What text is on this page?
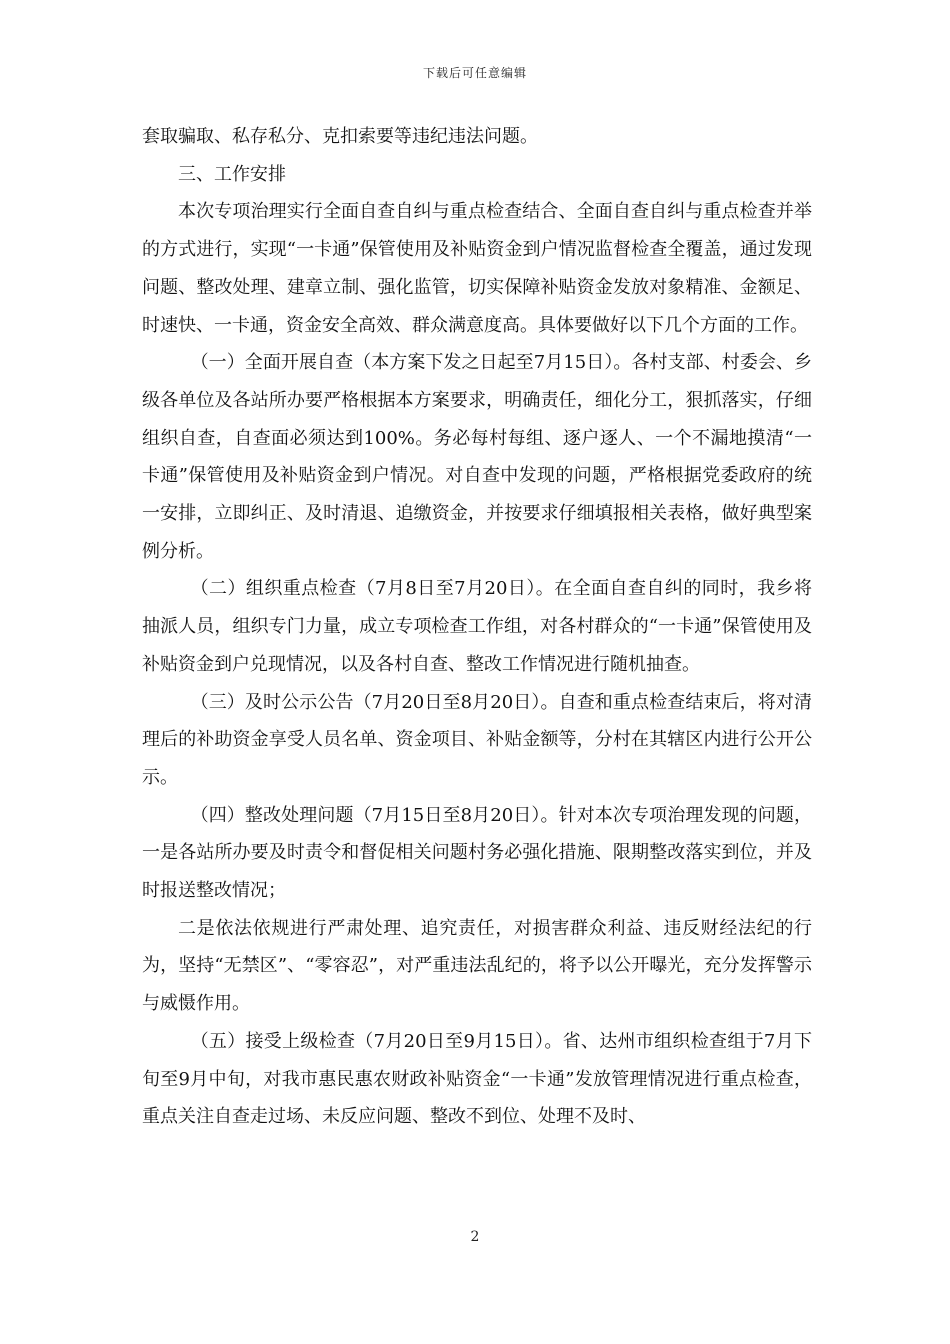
下载后可任意编辑

套取骗取、私存私分、克扣索要等违纪违法问题。

三、工作安排

本次专项治理实行全面自查自纠与重点检查结合、全面自查自纠与重点检查并举的方式进行，实现“一卡通”保管使用及补贴资金到户情况监督检查全覆盖，通过发现问题、整改处理、建章立制、强化监管，切实保障补贴资金发放对象精准、金额足、时速快、一卡通，资金安全高效、群众满意度高。具体要做好以下几个方面的工作。

（一）全面开展自查（本方案下发之日起至7月15日）。各村支部、村委会、乡级各单位及各站所办要严格根据本方案要求，明确责任，细化分工，狠抓落实，仔细组织自查，自查面必须达到100%。务必每村每组、逐户逐人、一个不漏地摸清“一卡通”保管使用及补贴资金到户情况。对自查中发现的问题，严格根据党委政府的统一安排，立即纠正、及时清退、追缴资金，并按要求仔细填报相关表格，做好典型案例分析。

（二）组织重点检查（7月8日至7月20日）。在全面自查自纠的同时，我乡将抽派人员，组织专门力量，成立专项检查工作组，对各村群众的“一卡通”保管使用及补贴资金到户兑现情况，以及各村自查、整改工作情况进行随机抽查。

（三）及时公示公告（7月20日至8月20日）。自查和重点检查结束后，将对清理后的补助资金享受人员名单、资金项目、补贴金额等，分村在其辖区内进行公开公示。

（四）整改处理问题（7月15日至8月20日）。针对本次专项治理发现的问题，一是各站所办要及时责令和督促相关问题村务必强化措施、限期整改落实到位，并及时报送整改情况；

二是依法依规进行严肃处理、追究责任，对损害群众利益、违反财经法纪的行为，坚持“无禁区”、“零容忍”，对严重违法乱纪的，将予以公开曝光，充分发挥警示与威慑作用。

（五）接受上级检查（7月20日至9月15日）。省、达州市组织检查组于7月下旬至9月中旬，对我市惠民惠农财政补贴资金“一卡通”发放管理情况进行重点检查，重点关注自查走过场、未反应问题、整改不到位、处理不及时、

2
